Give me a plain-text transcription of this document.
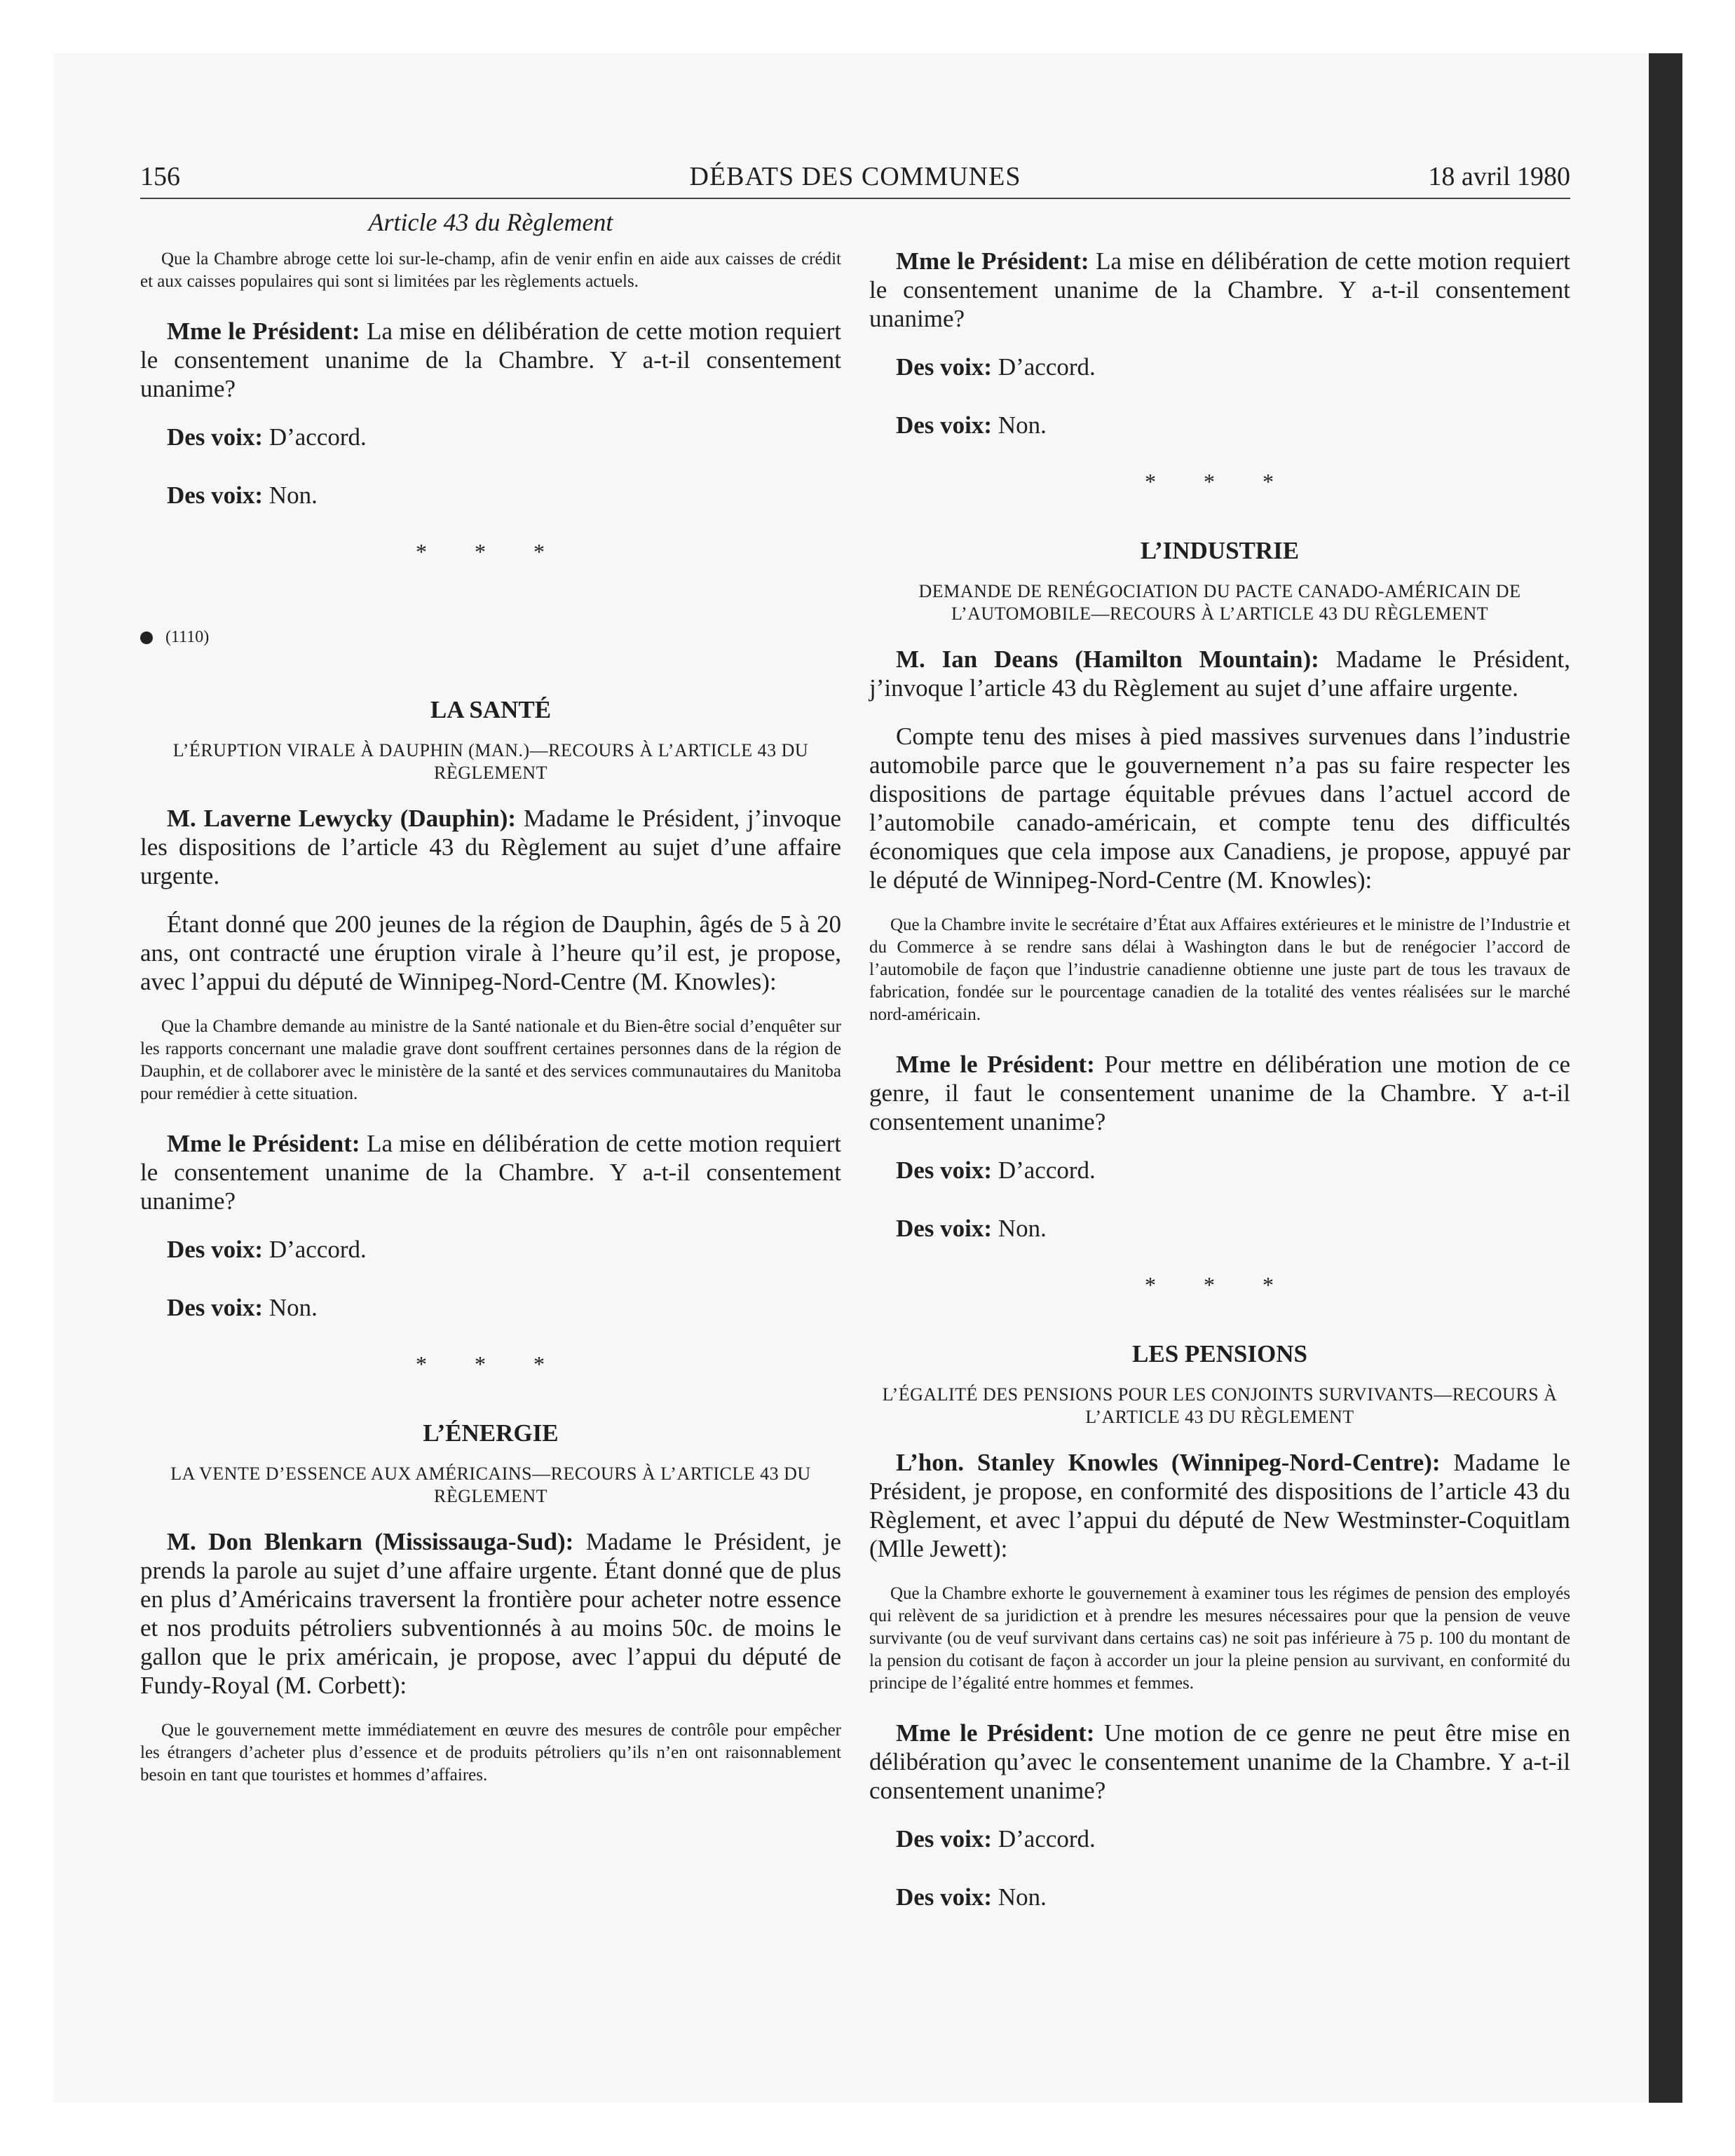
156	DÉBATS DES COMMUNES	18 avril 1980
Article 43 du Règlement

Que la Chambre abroge cette loi sur-le-champ, afin de venir enfin en aide aux caisses de crédit et aux caisses populaires qui sont si limitées par les règlements actuels.

Mme le Président: La mise en délibération de cette motion requiert le consentement unanime de la Chambre. Y a-t-il consentement unanime?

Des voix: D’accord.

Des voix: Non.

* * *
(1110)
LA SANTÉ
L’ÉRUPTION VIRALE À DAUPHIN (MAN.)—RECOURS À L’ARTICLE 43 DU RÈGLEMENT

M. Laverne Lewycky (Dauphin): Madame le Président, j’invoque les dispositions de l’article 43 du Règlement au sujet d’une affaire urgente.

Étant donné que 200 jeunes de la région de Dauphin, âgés de 5 à 20 ans, ont contracté une éruption virale à l’heure qu’il est, je propose, avec l’appui du député de Winnipeg-Nord-Centre (M. Knowles):

Que la Chambre demande au ministre de la Santé nationale et du Bien-être social d’enquêter sur les rapports concernant une maladie grave dont souffrent certaines personnes dans de la région de Dauphin, et de collaborer avec le ministère de la santé et des services communautaires du Manitoba pour remédier à cette situation.

Mme le Président: La mise en délibération de cette motion requiert le consentement unanime de la Chambre. Y a-t-il consentement unanime?

Des voix: D’accord.

Des voix: Non.

* * *
L’ÉNERGIE
LA VENTE D’ESSENCE AUX AMÉRICAINS—RECOURS À L’ARTICLE 43 DU RÈGLEMENT

M. Don Blenkarn (Mississauga-Sud): Madame le Président, je prends la parole au sujet d’une affaire urgente. Étant donné que de plus en plus d’Américains traversent la frontière pour acheter notre essence et nos produits pétroliers subventionnés à au moins 50c. de moins le gallon que le prix américain, je propose, avec l’appui du député de Fundy-Royal (M. Corbett):

Que le gouvernement mette immédiatement en œuvre des mesures de contrôle pour empêcher les étrangers d’acheter plus d’essence et de produits pétroliers qu’ils n’en ont raisonnablement besoin en tant que touristes et hommes d’affaires.

Mme le Président: La mise en délibération de cette motion requiert le consentement unanime de la Chambre. Y a-t-il consentement unanime?

Des voix: D’accord.

Des voix: Non.

* * *
L’INDUSTRIE
DEMANDE DE RENÉGOCIATION DU PACTE CANADO-AMÉRICAIN DE L’AUTOMOBILE—RECOURS À L’ARTICLE 43 DU RÈGLEMENT

M. Ian Deans (Hamilton Mountain): Madame le Président, j’invoque l’article 43 du Règlement au sujet d’une affaire urgente.

Compte tenu des mises à pied massives survenues dans l’industrie automobile parce que le gouvernement n’a pas su faire respecter les dispositions de partage équitable prévues dans l’actuel accord de l’automobile canado-américain, et compte tenu des difficultés économiques que cela impose aux Canadiens, je propose, appuyé par le député de Winnipeg-Nord-Centre (M. Knowles):

Que la Chambre invite le secrétaire d’État aux Affaires extérieures et le ministre de l’Industrie et du Commerce à se rendre sans délai à Washington dans le but de renégocier l’accord de l’automobile de façon que l’industrie canadienne obtienne une juste part de tous les travaux de fabrication, fondée sur le pourcentage canadien de la totalité des ventes réalisées sur le marché nord-américain.

Mme le Président: Pour mettre en délibération une motion de ce genre, il faut le consentement unanime de la Chambre. Y a-t-il consentement unanime?

Des voix: D’accord.

Des voix: Non.

* * *
LES PENSIONS
L’ÉGALITÉ DES PENSIONS POUR LES CONJOINTS SURVIVANTS—RECOURS À L’ARTICLE 43 DU RÈGLEMENT

L’hon. Stanley Knowles (Winnipeg-Nord-Centre): Madame le Président, je propose, en conformité des dispositions de l’article 43 du Règlement, et avec l’appui du député de New Westminster-Coquitlam (Mlle Jewett):

Que la Chambre exhorte le gouvernement à examiner tous les régimes de pension des employés qui relèvent de sa juridiction et à prendre les mesures nécessaires pour que la pension de veuve survivante (ou de veuf survivant dans certains cas) ne soit pas inférieure à 75 p. 100 du montant de la pension du cotisant de façon à accorder un jour la pleine pension au survivant, en conformité du principe de l’égalité entre hommes et femmes.

Mme le Président: Une motion de ce genre ne peut être mise en délibération qu’avec le consentement unanime de la Chambre. Y a-t-il consentement unanime?

Des voix: D’accord.

Des voix: Non.
